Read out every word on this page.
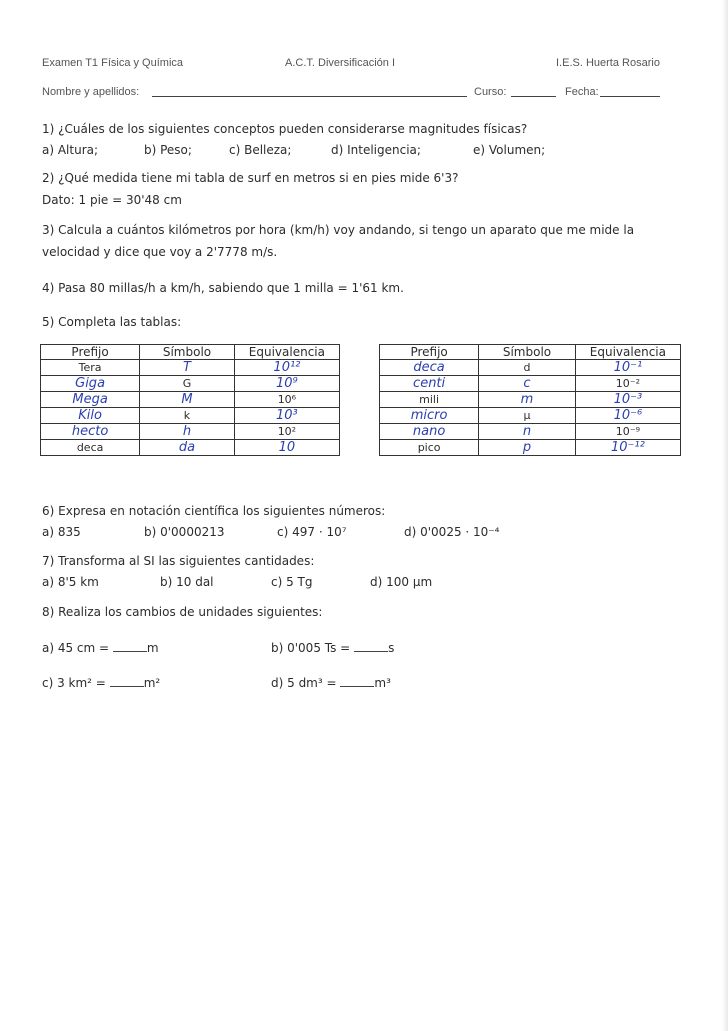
Examen T1 Física y Química	A.C.T. Diversificación I	I.E.S. Huerta Rosario
Nombre y apellidos:	Curso:	Fecha:
1) ¿Cuáles de los siguientes conceptos pueden considerarse magnitudes físicas?
a) Altura;	b) Peso;	c) Belleza;	d) Inteligencia;	e) Volumen;
2) ¿Qué medida tiene mi tabla de surf en metros si en pies mide 6'3?
Dato: 1 pie = 30'48 cm
3) Calcula a cuántos kilómetros por hora (km/h) voy andando, si tengo un aparato que me mide la
velocidad y dice que voy a 2'7778 m/s.
4) Pasa 80 millas/h a km/h, sabiendo que 1 milla = 1'61 km.
5) Completa las tablas:
Prefijo	Símbolo	Equivalencia
Tera	T	10¹²
Giga	G	10⁹
Mega	M	10⁶
Kilo	k	10³
hecto	h	10²
deca	da	10
Prefijo	Símbolo	Equivalencia
deca	d	10⁻¹
centi	c	10⁻²
mili	m	10⁻³
micro	μ	10⁻⁶
nano	n	10⁻⁹
pico	p	10⁻¹²
6) Expresa en notación científica los siguientes números:
a) 835	b) 0'0000213	c) 497 · 10⁷	d) 0'0025 · 10⁻⁴
7) Transforma al SI las siguientes cantidades:
a) 8'5 km	b) 10 dal	c) 5 Tg	d) 100 μm
8) Realiza los cambios de unidades siguientes:
a) 45 cm =	m	b) 0'005 Ts =	s
c) 3 km² =	m²	d) 5 dm³ =	m³
